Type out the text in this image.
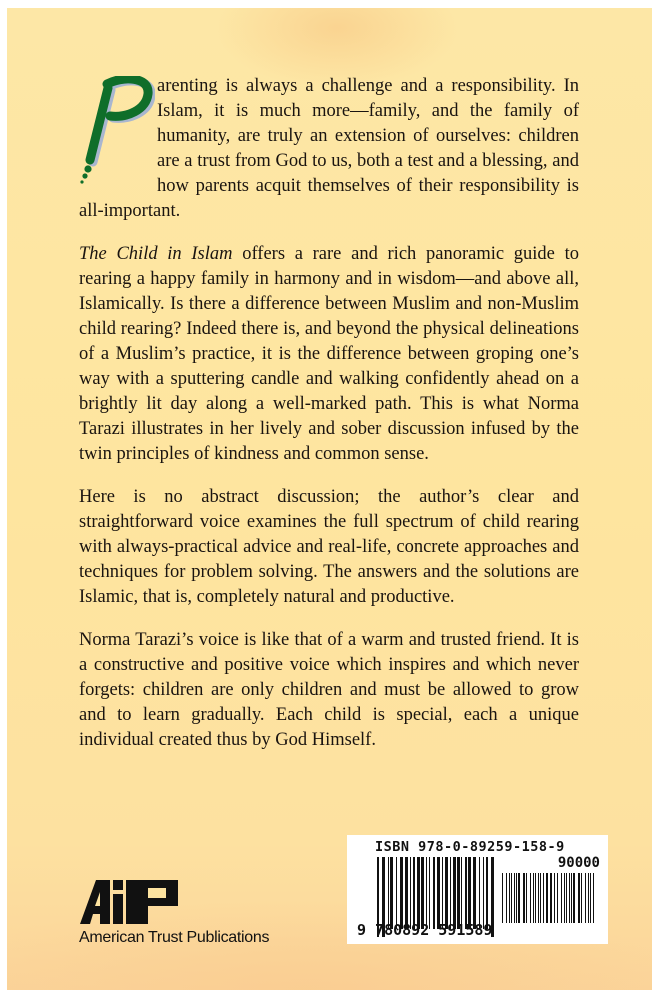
arenting is always a challenge and a responsibility. In Islam, it is much more—family, and the family of humanity, are truly an extension of ourselves: children are a trust from God to us, both a test and a blessing, and how parents acquit themselves of their responsibility is all-important.

The Child in Islam offers a rare and rich panoramic guide to rearing a happy family in harmony and in wisdom—and above all, Islamically. Is there a difference between Muslim and non-Muslim child rearing? Indeed there is, and beyond the physical delineations of a Muslim’s practice, it is the difference between groping one’s way with a sputtering candle and walking confidently ahead on a brightly lit day along a well-marked path. This is what Norma Tarazi illustrates in her lively and sober discussion infused by the twin principles of kindness and common sense.

Here is no abstract discussion; the author’s clear and straightforward voice examines the full spectrum of child rearing with always-practical advice and real-life, concrete approaches and techniques for problem solving. The answers and the solutions are Islamic, that is, completely natural and productive.

Norma Tarazi’s voice is like that of a warm and trusted friend. It is a constructive and positive voice which inspires and which never forgets: children are only children and must be allowed to grow and to learn gradually. Each child is special, each a unique individual created thus by God Himself.

American Trust Publications
ISBN 978-0-89259-158-9
90000
9 780892 591589
